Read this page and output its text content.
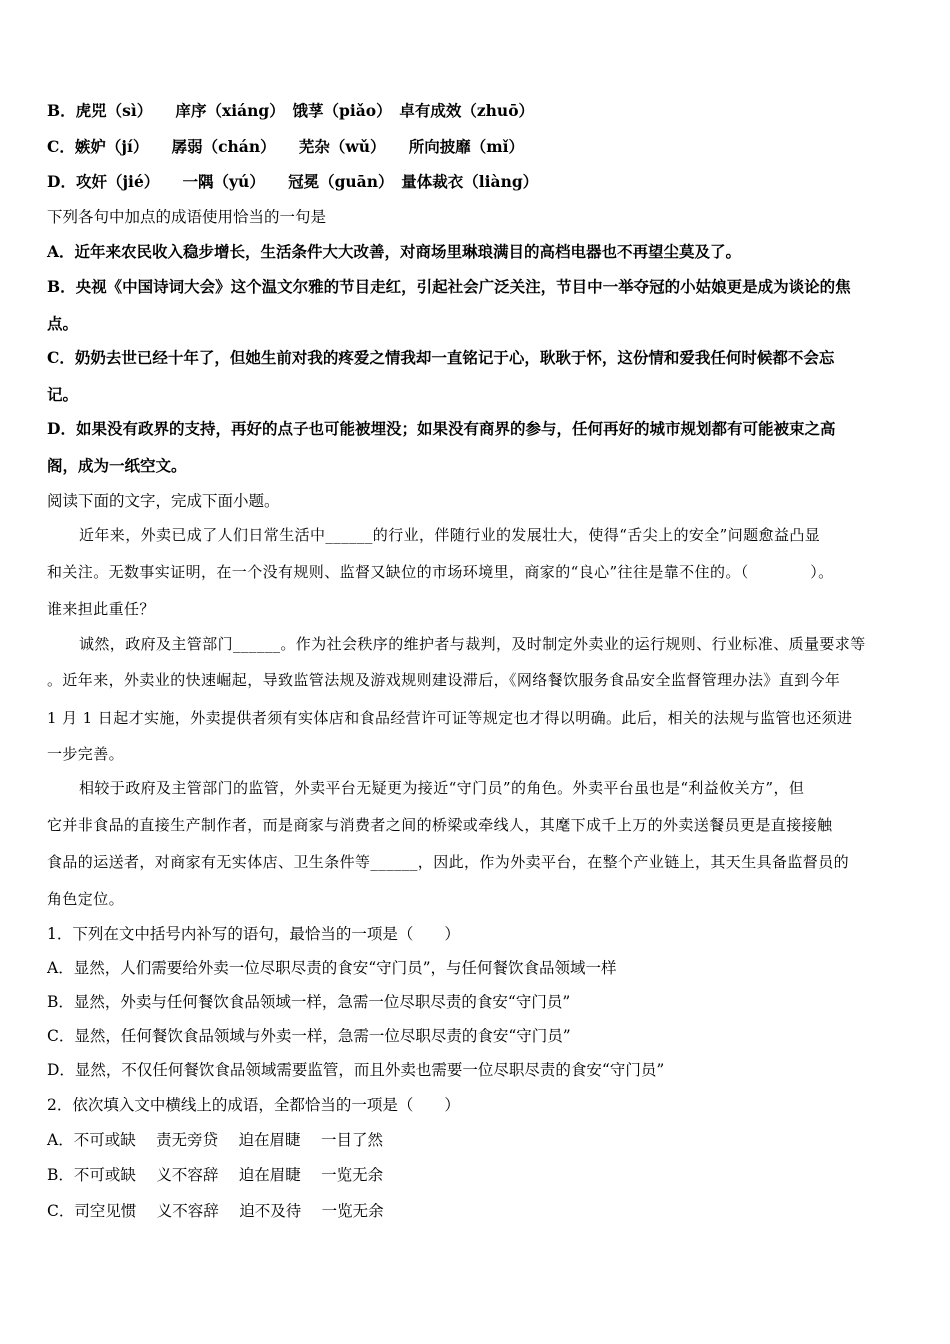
B．虎兕（sì）　　庠序（xiáng）　饿莩（piǎo）　卓有成效（zhuō）
C．嫉妒（jí）　　孱弱（chán）　　芜杂（wǔ）　　所向披靡（mǐ）
D．攻奸（jié）　　一隅（yú）　　冠冕（guān）　量体裁衣（liàng）
下列各句中加点的成语使用恰当的一句是
A．近年来农民收入稳步增长，生活条件大大改善，对商场里琳琅满目的高档电器也不再望尘莫及了。
B．央视《中国诗词大会》这个温文尔雅的节目走红，引起社会广泛关注，节目中一举夺冠的小姑娘更是成为谈论的焦
点。
C．奶奶去世已经十年了，但她生前对我的疼爱之情我却一直铭记于心，耿耿于怀，这份情和爱我任何时候都不会忘
记。
D．如果没有政界的支持，再好的点子也可能被埋没；如果没有商界的参与，任何再好的城市规划都有可能被束之高
阁，成为一纸空文。
阅读下面的文字，完成下面小题。
近年来，外卖已成了人们日常生活中______的行业，伴随行业的发展壮大，使得“舌尖上的安全”问题愈益凸显
和关注。无数事实证明，在一个没有规则、监督又缺位的市场环境里，商家的“良心”往往是靠不住的。（　　　　）。
谁来担此重任？
诚然，政府及主管部门______。作为社会秩序的维护者与裁判，及时制定外卖业的运行规则、行业标准、质量要求等
。近年来，外卖业的快速崛起，导致监管法规及游戏规则建设滞后，《网络餐饮服务食品安全监督管理办法》直到今年
1 月 1 日起才实施，外卖提供者须有实体店和食品经营许可证等规定也才得以明确。此后，相关的法规与监管也还须进
一步完善。
相较于政府及主管部门的监管，外卖平台无疑更为接近“守门员”的角色。外卖平台虽也是“利益攸关方”，但
它并非食品的直接生产制作者，而是商家与消费者之间的桥梁或牵线人，其麾下成千上万的外卖送餐员更是直接接触
食品的运送者，对商家有无实体店、卫生条件等______，因此，作为外卖平台，在整个产业链上，其天生具备监督员的
角色定位。
1．下列在文中括号内补写的语句，最恰当的一项是（　　）
A．显然，人们需要给外卖一位尽职尽责的食安“守门员”，与任何餐饮食品领域一样
B．显然，外卖与任何餐饮食品领域一样，急需一位尽职尽责的食安“守门员”
C．显然，任何餐饮食品领域与外卖一样，急需一位尽职尽责的食安“守门员”
D．显然，不仅任何餐饮食品领域需要监管，而且外卖也需要一位尽职尽责的食安“守门员”
2．依次填入文中横线上的成语，全都恰当的一项是（　　）
A．不可或缺　 责无旁贷　 迫在眉睫　 一目了然
B．不可或缺　 义不容辞　 迫在眉睫　 一览无余
C．司空见惯　 义不容辞　 迫不及待　 一览无余
